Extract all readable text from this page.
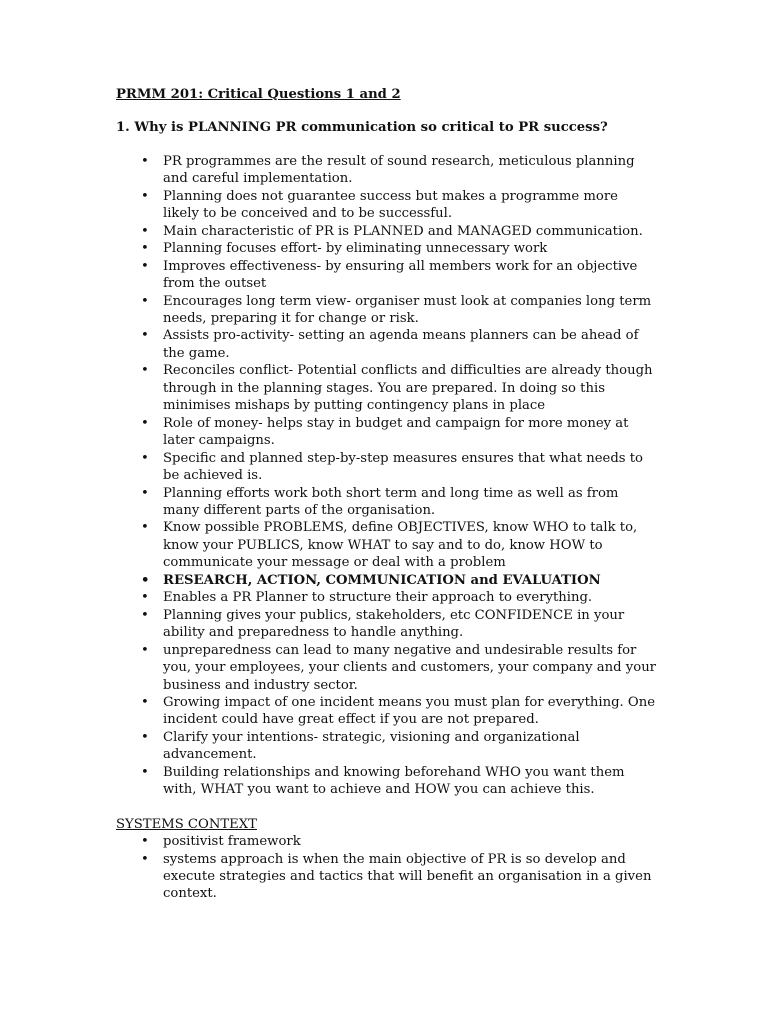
PRMM 201: Critical Questions 1 and 2
1. Why is PLANNING PR communication so critical to PR success?
• PR programmes are the result of sound research, meticulous planning and careful implementation.
• Planning does not guarantee success but makes a programme more likely to be conceived and to be successful.
• Main characteristic of PR is PLANNED and MANAGED communication.
• Planning focuses effort- by eliminating unnecessary work
• Improves effectiveness- by ensuring all members work for an objective from the outset
• Encourages long term view- organiser must look at companies long term needs, preparing it for change or risk.
• Assists pro-activity- setting an agenda means planners can be ahead of the game.
• Reconciles conflict- Potential conflicts and difficulties are already though through in the planning stages. You are prepared. In doing so this minimises mishaps by putting contingency plans in place
• Role of money- helps stay in budget and campaign for more money at later campaigns.
• Specific and planned step-by-step measures ensures that what needs to be achieved is.
• Planning efforts work both short term and long time as well as from many different parts of the organisation.
• Know possible PROBLEMS, define OBJECTIVES, know WHO to talk to, know your PUBLICS, know WHAT to say and to do, know HOW to communicate your message or deal with a problem
• RESEARCH, ACTION, COMMUNICATION and EVALUATION
• Enables a PR Planner to structure their approach to everything.
• Planning gives your publics, stakeholders, etc CONFIDENCE in your ability and preparedness to handle anything.
• unpreparedness can lead to many negative and undesirable results for you, your employees, your clients and customers, your company and your business and industry sector.
• Growing impact of one incident means you must plan for everything. One incident could have great effect if you are not prepared.
• Clarify your intentions- strategic, visioning and organizational advancement.
• Building relationships and knowing beforehand WHO you want them with, WHAT you want to achieve and HOW you can achieve this.
SYSTEMS CONTEXT
• positivist framework
• systems approach is when the main objective of PR is so develop and execute strategies and tactics that will benefit an organisation in a given context.
